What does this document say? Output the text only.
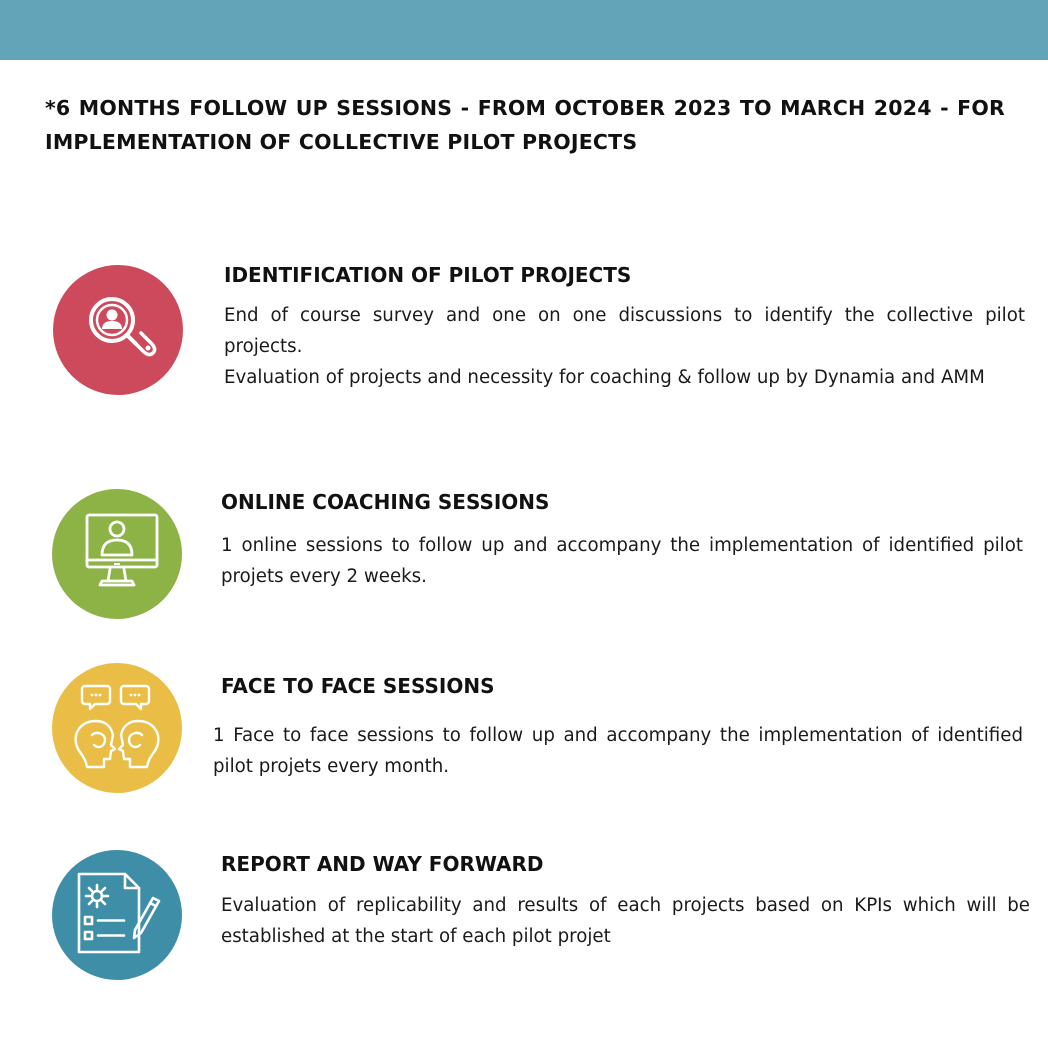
*6 MONTHS FOLLOW UP SESSIONS - FROM OCTOBER 2023 TO MARCH 2024 - FOR IMPLEMENTATION OF COLLECTIVE PILOT PROJECTS

IDENTIFICATION OF PILOT PROJECTS

End of course survey and one on one discussions to identify the collective pilot projects.

Evaluation of projects and necessity for coaching & follow up by Dynamia and AMM

ONLINE COACHING SESSIONS

1 online sessions to follow up and accompany the implementation of identified pilot projets every 2 weeks.

FACE TO FACE SESSIONS

1 Face to face sessions to follow up and accompany the implementation of identified pilot projets every month.

REPORT AND WAY FORWARD

Evaluation of replicability and results of each projects based on KPIs which will be established at the start of each pilot projet
